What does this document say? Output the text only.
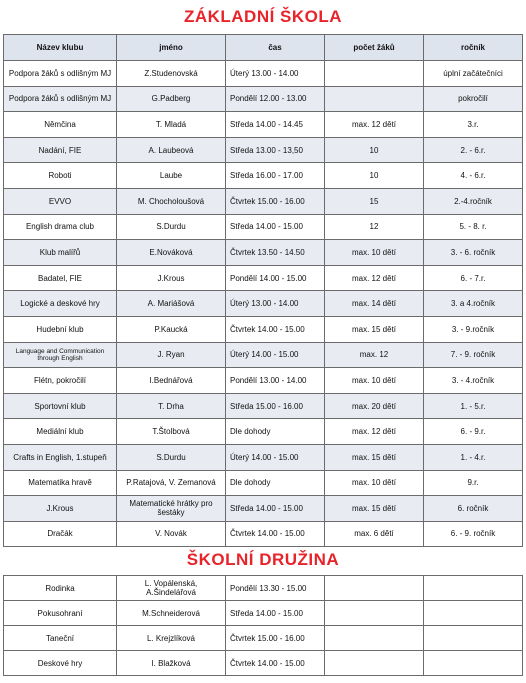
ZÁKLADNÍ ŠKOLA
Název klubu	jméno	čas	počet žáků	ročník
Podpora žáků s odlišným MJ	Z.Studenovská	Úterý 13.00 - 14.00		úplní začátečníci
Podpora žáků s odlišným MJ	G.Padberg	Pondělí 12.00 - 13.00		pokročilí
Němčina	T. Mladá	Středa 14.00 - 14.45	max. 12 dětí	3.r.
Nadání, FIE	A. Laubeová	Středa 13.00 - 13,50	10	2. - 6.r.
Roboti	Laube	Středa 16.00 - 17.00	10	4. - 6.r.
EVVO	M. Chocholoušová	Čtvrtek 15.00 - 16.00	15	2.-4.ročník
English drama club	S.Durdu	Středa 14.00 - 15.00	12	5. - 8. r.
Klub malířů	E.Nováková	Čtvrtek 13.50 - 14.50	max. 10 dětí	3. - 6. ročník
Badatel, FIE	J.Krous	Pondělí 14.00 - 15.00	max. 12 dětí	6. - 7.r.
Logické a deskové hry	A. Mariášová	Úterý 13.00 - 14.00	max. 14 dětí	3. a 4.ročník
Hudební klub	P.Kaucká	Čtvrtek 14.00 - 15.00	max. 15 dětí	3. - 9.ročník
Language and Communication through English	J. Ryan	Úterý 14.00 - 15.00	max. 12	7. - 9. ročník
Flétn, pokročilí	I.Bednářová	Pondělí 13.00 - 14.00	max. 10 dětí	3. - 4.ročník
Sportovní klub	T. Drha	Středa 15.00 - 16.00	max. 20 dětí	1. - 5.r.
Mediální klub	T.Štolbová	Dle dohody	max. 12 dětí	6. - 9.r.
Crafts in English, 1.stupeň	S.Durdu	Úterý 14.00 - 15.00	max. 15 dětí	1. - 4.r.
Matematika hravě	P.Ratajová, V. Zemanová	Dle dohody	max. 10 dětí	9.r.
J.Krous	Matematické hrátky pro šestáky	Středa 14.00 - 15.00	max. 15 dětí	6. ročník
Dračák	V. Novák	Čtvrtek 14.00 - 15.00	max. 6 dětí	6. - 9. ročník
ŠKOLNÍ DRUŽINA
Rodinka	L. Vopálenská, A.Šindelářová	Pondělí 13.30 - 15.00		
Pokusohraní	M.Schneiderová	Středa 14.00 - 15.00		
Taneční	L. Krejzlíková	Čtvrtek 15.00 - 16.00		
Deskové hry	I. Blažková	Čtvrtek 14.00 - 15.00		
